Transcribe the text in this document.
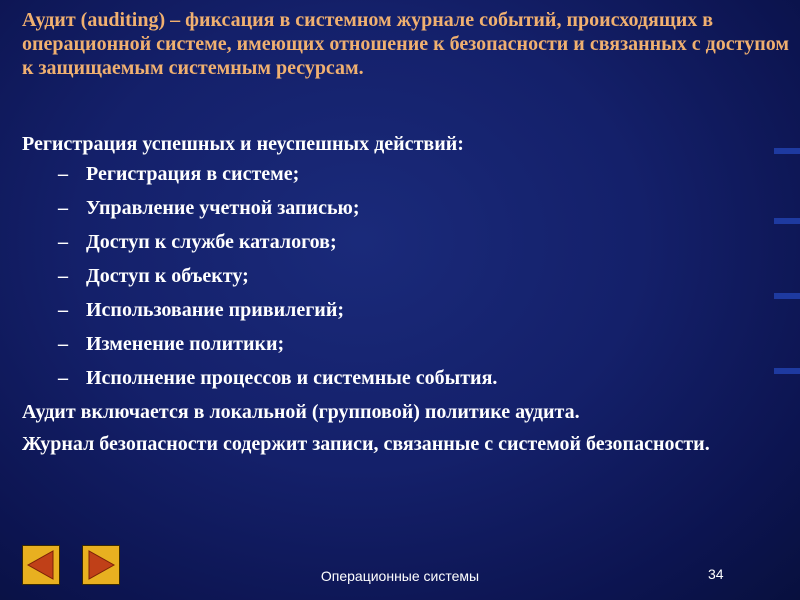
Аудит (auditing) – фиксация в системном журнале событий, происходящих в операционной системе, имеющих отношение к безопасности и связанных с доступом к защищаемым системным ресурсам.

Регистрация успешных и неуспешных действий:

– Регистрация в системе;
– Управление учетной записью;
– Доступ к службе каталогов;
– Доступ к объекту;
– Использование привилегий;
– Изменение политики;
– Исполнение процессов и системные события.

Аудит включается в локальной (групповой) политике аудита.

Журнал безопасности содержит записи, связанные с системой безопасности.

Операционные системы	34
